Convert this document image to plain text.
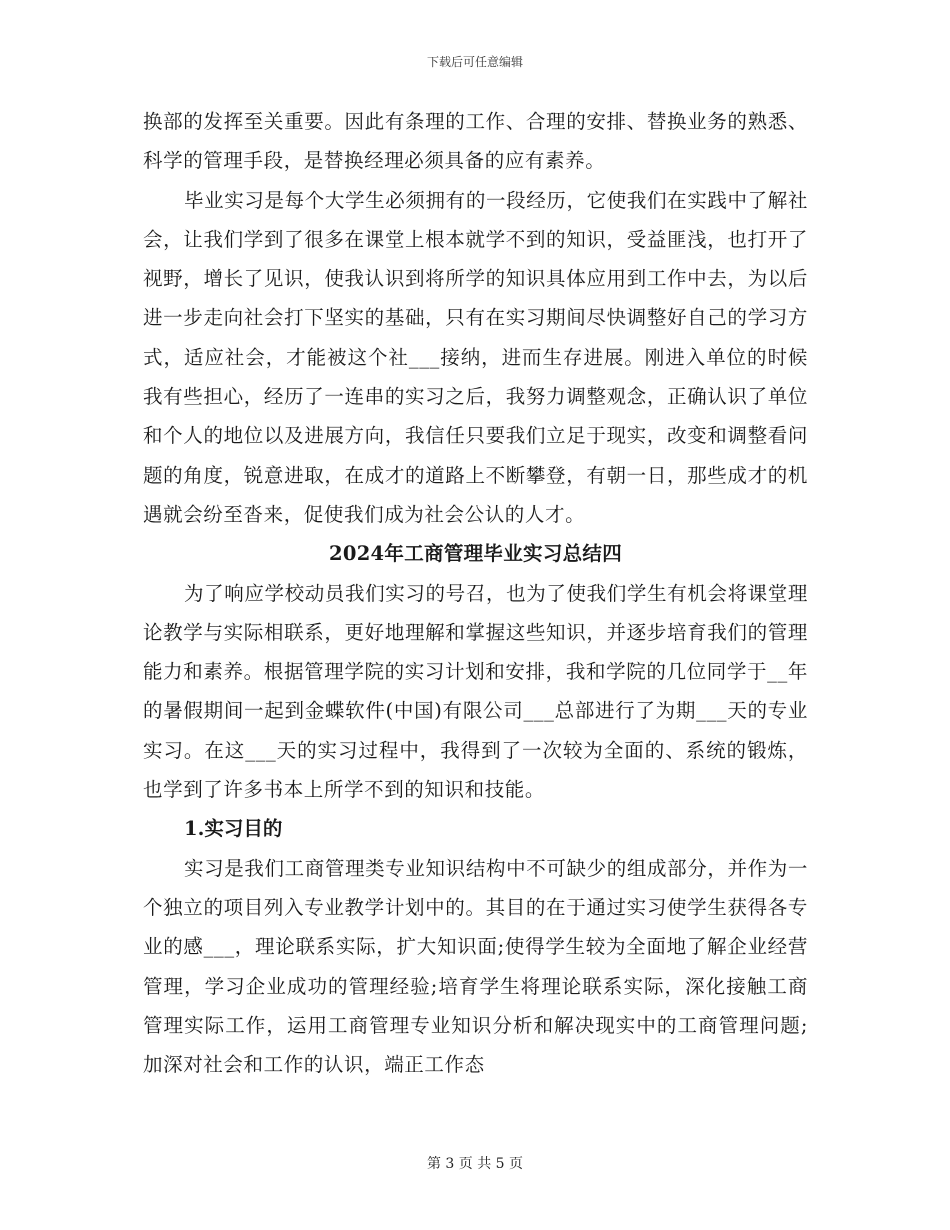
下载后可任意编辑

换部的发挥至关重要。因此有条理的工作、合理的安排、替换业务的熟悉、科学的管理手段，是替换经理必须具备的应有素养。

毕业实习是每个大学生必须拥有的一段经历，它使我们在实践中了解社会，让我们学到了很多在课堂上根本就学不到的知识，受益匪浅，也打开了视野，增长了见识，使我认识到将所学的知识具体应用到工作中去，为以后进一步走向社会打下坚实的基础，只有在实习期间尽快调整好自己的学习方式，适应社会，才能被这个社___接纳，进而生存进展。刚进入单位的时候我有些担心，经历了一连串的实习之后，我努力调整观念，正确认识了单位和个人的地位以及进展方向，我信任只要我们立足于现实，改变和调整看问题的角度，锐意进取，在成才的道路上不断攀登，有朝一日，那些成才的机遇就会纷至沓来，促使我们成为社会公认的人才。

2024年工商管理毕业实习总结四

为了响应学校动员我们实习的号召，也为了使我们学生有机会将课堂理论教学与实际相联系，更好地理解和掌握这些知识，并逐步培育我们的管理能力和素养。根据管理学院的实习计划和安排，我和学院的几位同学于__年的暑假期间一起到金蝶软件(中国)有限公司___总部进行了为期___天的专业实习。在这___天的实习过程中，我得到了一次较为全面的、系统的锻炼，也学到了许多书本上所学不到的知识和技能。

1.实习目的

实习是我们工商管理类专业知识结构中不可缺少的组成部分，并作为一个独立的项目列入专业教学计划中的。其目的在于通过实习使学生获得各专业的感___，理论联系实际，扩大知识面;使得学生较为全面地了解企业经营管理，学习企业成功的管理经验;培育学生将理论联系实际，深化接触工商管理实际工作，运用工商管理专业知识分析和解决现实中的工商管理问题;加深对社会和工作的认识，端正工作态

第 3 页 共 5 页
